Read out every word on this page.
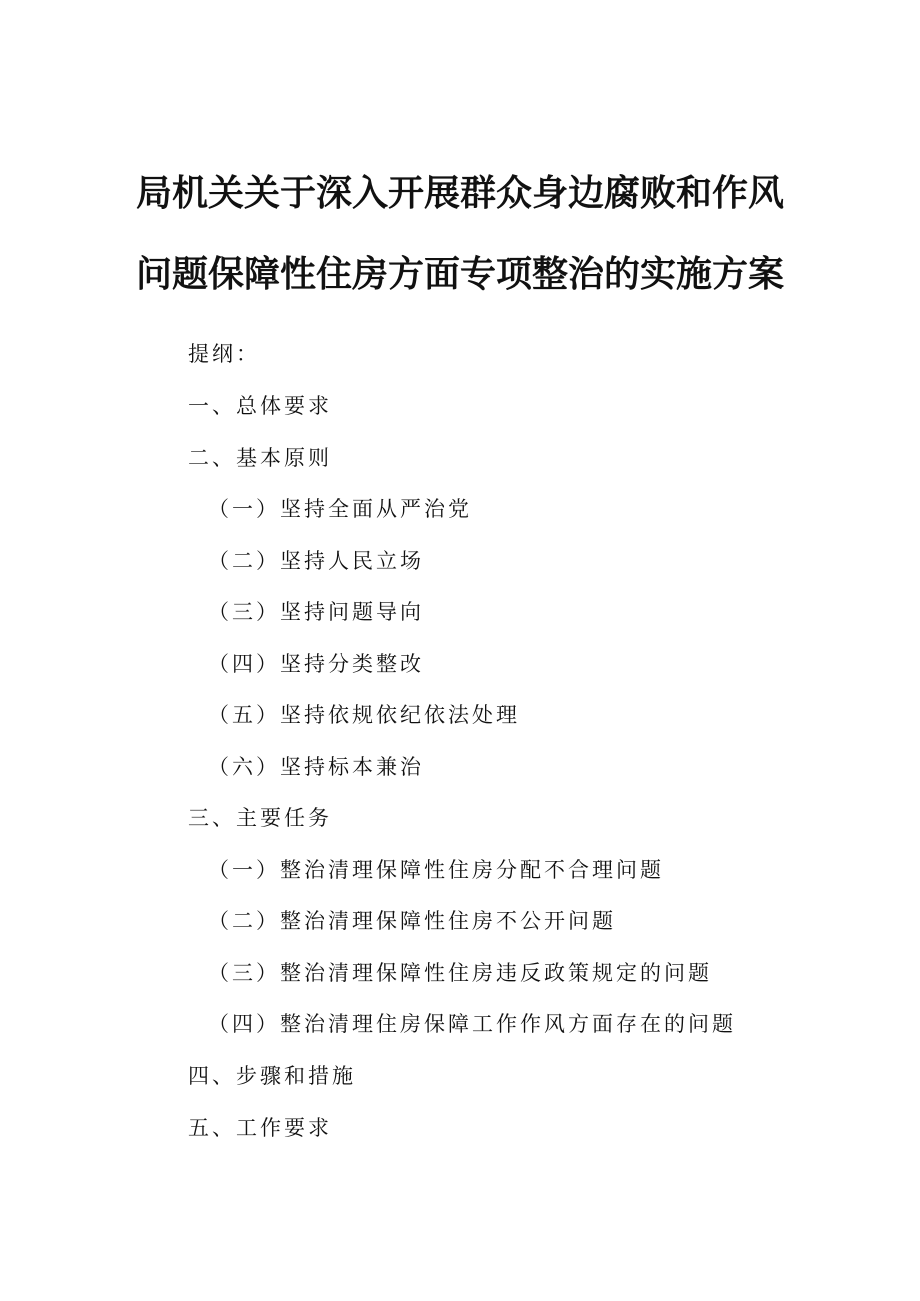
局机关关于深入开展群众身边腐败和作风
问题保障性住房方面专项整治的实施方案
提纲：
一、总体要求
二、基本原则
（一）坚持全面从严治党
（二）坚持人民立场
（三）坚持问题导向
（四）坚持分类整改
（五）坚持依规依纪依法处理
（六）坚持标本兼治
三、主要任务
（一）整治清理保障性住房分配不合理问题
（二）整治清理保障性住房不公开问题
（三）整治清理保障性住房违反政策规定的问题
（四）整治清理住房保障工作作风方面存在的问题
四、步骤和措施
五、工作要求
